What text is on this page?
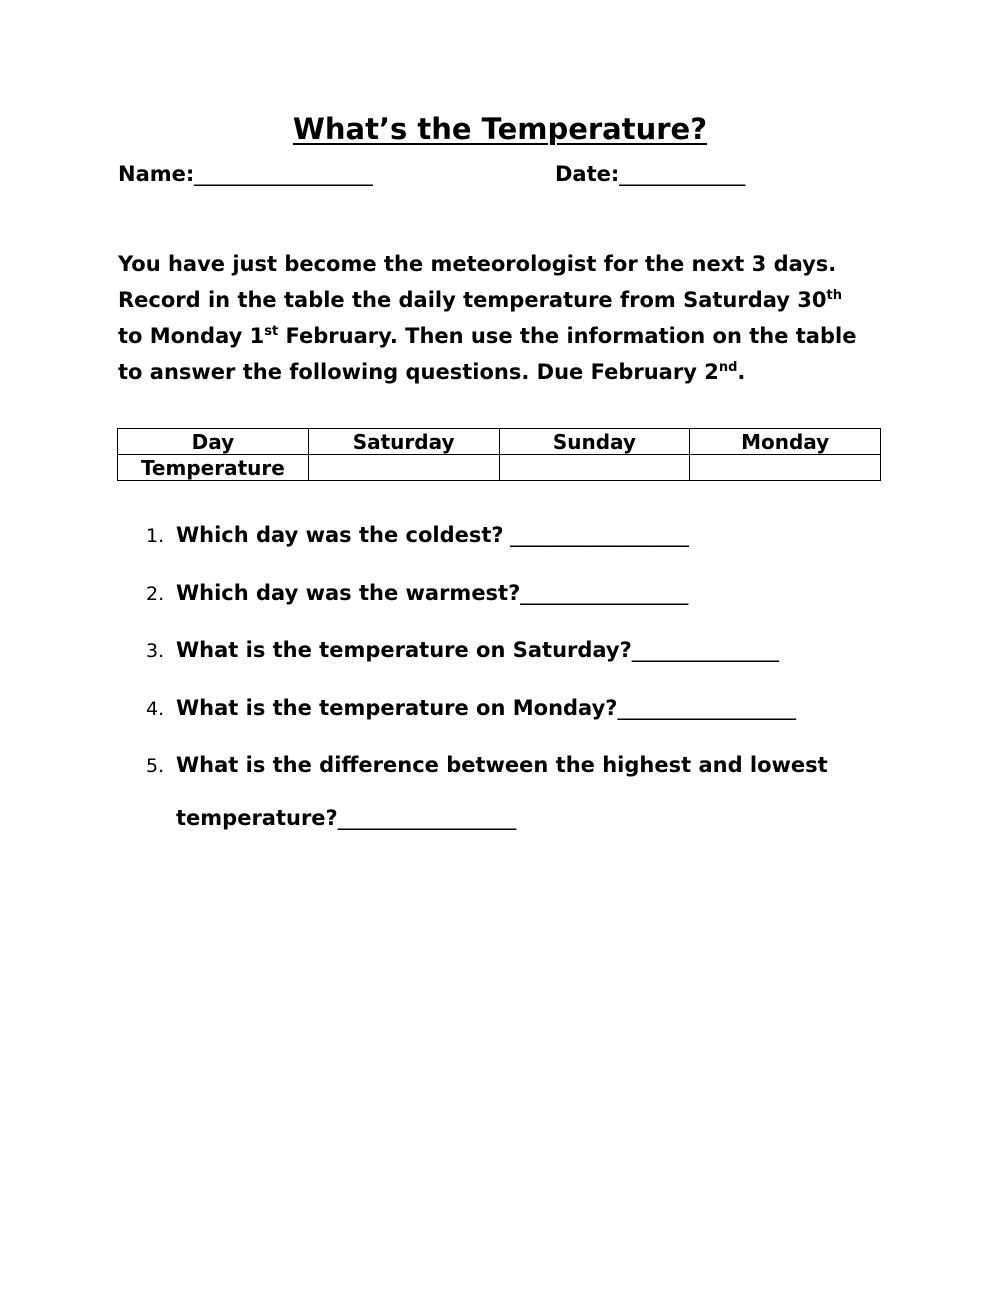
What’s the Temperature?
Name:_________________	Date:____________

You have just become the meteorologist for the next 3 days.

Record in the table the daily temperature from Saturday 30th

to Monday 1st February. Then use the information on the table

to answer the following questions. Due February 2nd.

Day	Saturday	Sunday	Monday
Temperature			
1. Which day was the coldest? _________________
2. Which day was the warmest?________________
3. What is the temperature on Saturday?______________
4. What is the temperature on Monday?_________________
5. What is the difference between the highest and lowest
temperature?_________________
